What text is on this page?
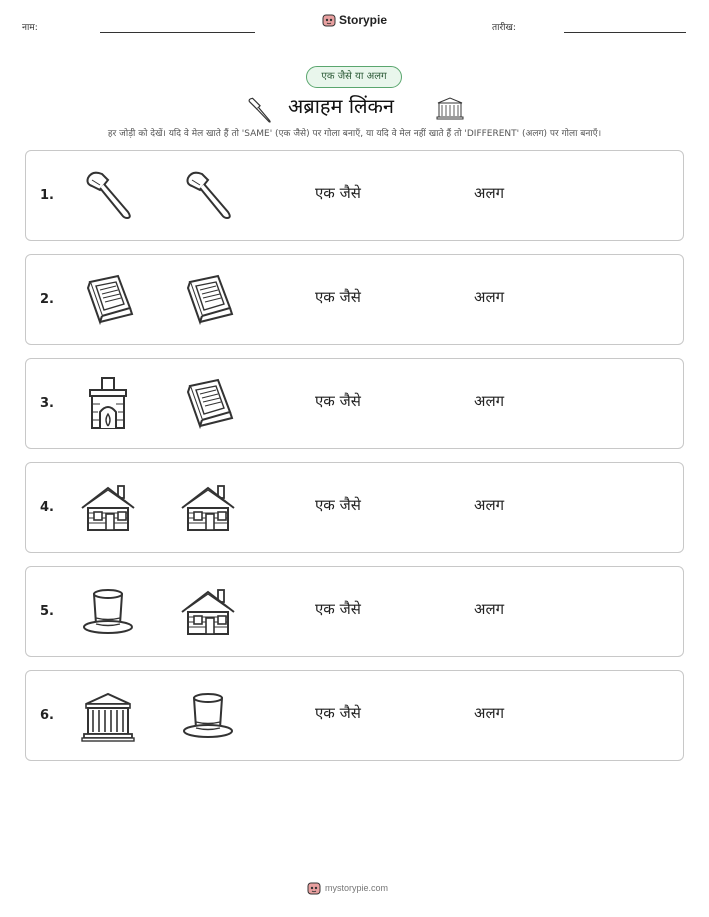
नाम:
Storypie
तारीख:
एक जैसे या अलग
अब्राहम लिंकन
हर जोड़ी को देखें। यदि वे मेल खाते हैं तो 'SAME' (एक जैसे) पर गोला बनाएँ, या यदि वे मेल नहीं खाते हैं तो 'DIFFERENT' (अलग) पर गोला बनाएँ।
1.	एक जैसे	अलग
2.	एक जैसे	अलग
3.	एक जैसे	अलग
4.	एक जैसे	अलग
5.	एक जैसे	अलग
6.	एक जैसे	अलग
mystorypie.com
